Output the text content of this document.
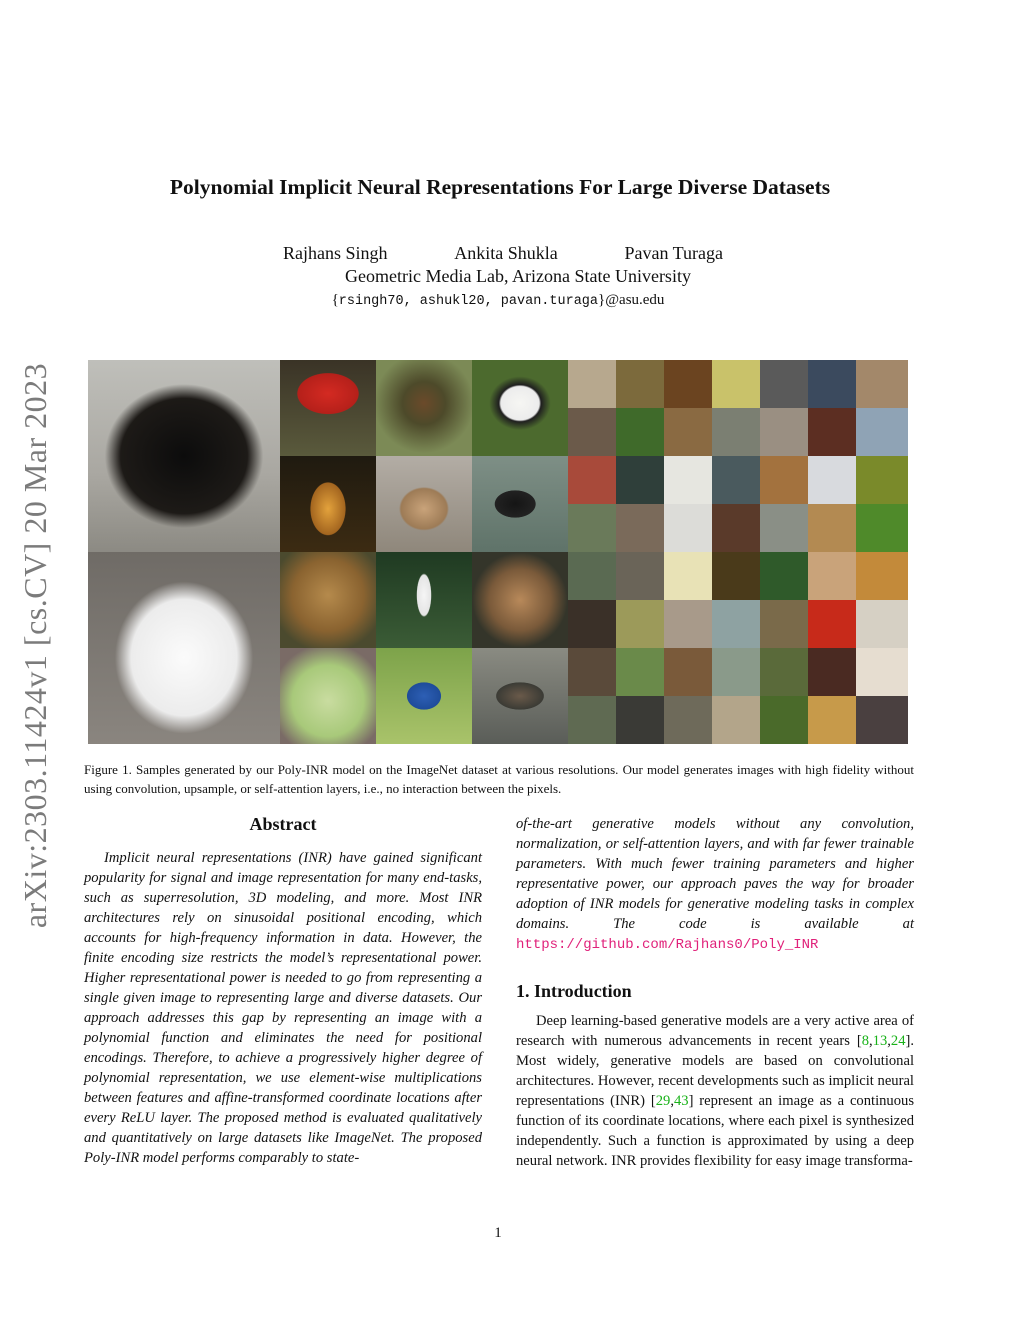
arXiv:2303.11424v1 [cs.CV] 20 Mar 2023
Polynomial Implicit Neural Representations For Large Diverse Datasets
Rajhans Singh	Ankita Shukla	Pavan Turaga
Geometric Media Lab, Arizona State University
{rsingh70, ashukl20, pavan.turaga}@asu.edu
Figure 1. Samples generated by our Poly-INR model on the ImageNet dataset at various resolutions. Our model generates images with high fidelity without using convolution, upsample, or self-attention layers, i.e., no interaction between the pixels.
Abstract
Implicit neural representations (INR) have gained significant popularity for signal and image representation for many end-tasks, such as superresolution, 3D modeling, and more. Most INR architectures rely on sinusoidal positional encoding, which accounts for high-frequency information in data. However, the finite encoding size restricts the model’s representational power. Higher representational power is needed to go from representing a single given image to representing large and diverse datasets. Our approach addresses this gap by representing an image with a polynomial function and eliminates the need for positional encodings. Therefore, to achieve a progressively higher degree of polynomial representation, we use element-wise multiplications between features and affine-transformed coordinate locations after every ReLU layer. The proposed method is evaluated qualitatively and quantitatively on large datasets like ImageNet. The proposed Poly-INR model performs comparably to state-
of-the-art generative models without any convolution, normalization, or self-attention layers, and with far fewer trainable parameters. With much fewer training parameters and higher representative power, our approach paves the way for broader adoption of INR models for generative modeling tasks in complex domains. The code is available at https://github.com/Rajhans0/Poly_INR
1. Introduction
Deep learning-based generative models are a very active area of research with numerous advancements in recent years [8,13,24]. Most widely, generative models are based on convolutional architectures. However, recent developments such as implicit neural representations (INR) [29,43] represent an image as a continuous function of its coordinate locations, where each pixel is synthesized independently. Such a function is approximated by using a deep neural network. INR provides flexibility for easy image transforma-
1
